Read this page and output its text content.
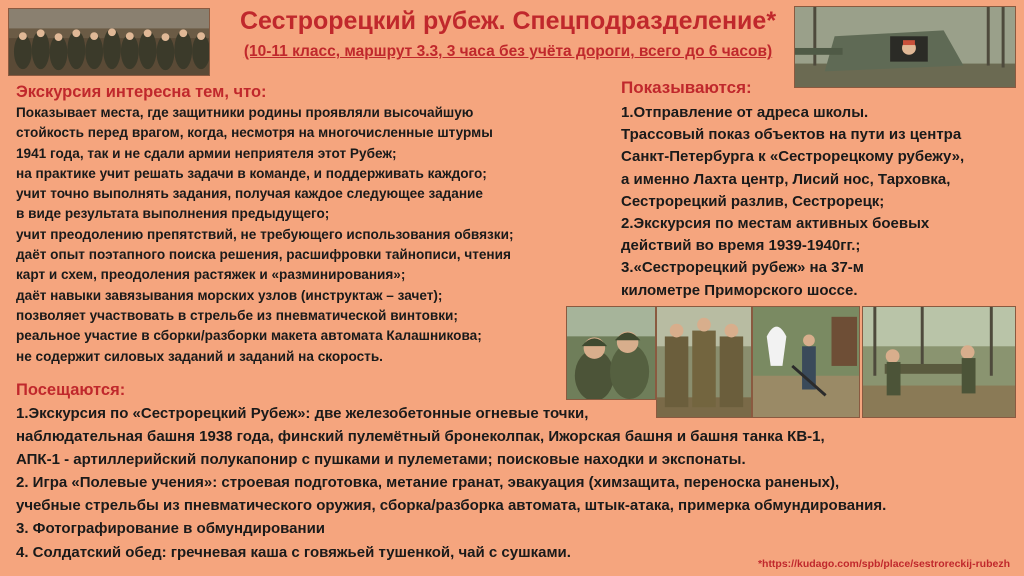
Сестрорецкий рубеж. Спецподразделение*
(10-11 класс, маршрут 3.3, 3 часа без учёта дороги, всего до 6 часов)
Экскурсия интересна тем, что:
Показывает места, где защитники родины проявляли высочайшую
стойкость перед врагом, когда, несмотря на многочисленные штурмы
1941 года, так и не сдали армии неприятеля этот Рубеж;
на практике учит решать задачи в команде, и поддерживать каждого;
учит точно выполнять задания, получая каждое следующее задание
в виде результата выполнения предыдущего;
учит преодолению препятствий, не требующего использования обвязки;
даёт опыт поэтапного поиска решения, расшифровки тайнописи, чтения
карт и схем, преодоления растяжек и «разминирования»;
даёт навыки завязывания морских узлов (инструктаж – зачет);
позволяет участвовать в стрельбе из пневматической винтовки;
реальное участие в сборки/разборки макета автомата Калашникова;
не содержит силовых заданий и заданий на скорость.
Показываются:
1.Отправление от адреса школы.
Трассовый показ объектов на пути из центра
Санкт-Петербурга к «Сестрорецкому рубежу»,
а именно Лахта центр, Лисий нос, Тарховка,
Сестрорецкий разлив, Сестрорецк;
2.Экскурсия по местам активных боевых
действий во время 1939-1940гг.;
3.«Сестрорецкий рубеж» на 37-м
километре Приморского шоссе.
Посещаются:
1.Экскурсия по «Сестрорецкий Рубеж»: две железобетонные огневые точки,
наблюдательная башня 1938 года, финский пулемётный бронеколпак, Ижорская башня и башня танка КВ-1,
АПК-1 - артиллерийский полукапонир с пушками и пулеметами; поисковые находки и экспонаты.
2. Игра «Полевые учения»: строевая подготовка, метание гранат, эвакуация (химзащита, переноска раненых),
учебные стрельбы из пневматического оружия, сборка/разборка автомата, штык-атака, примерка обмундирования.
3. Фотографирование в обмундировании
4. Солдатский обед: гречневая каша с говяжьей тушенкой, чай с сушками.
*https://kudago.com/spb/place/sestroreckij-rubezh
